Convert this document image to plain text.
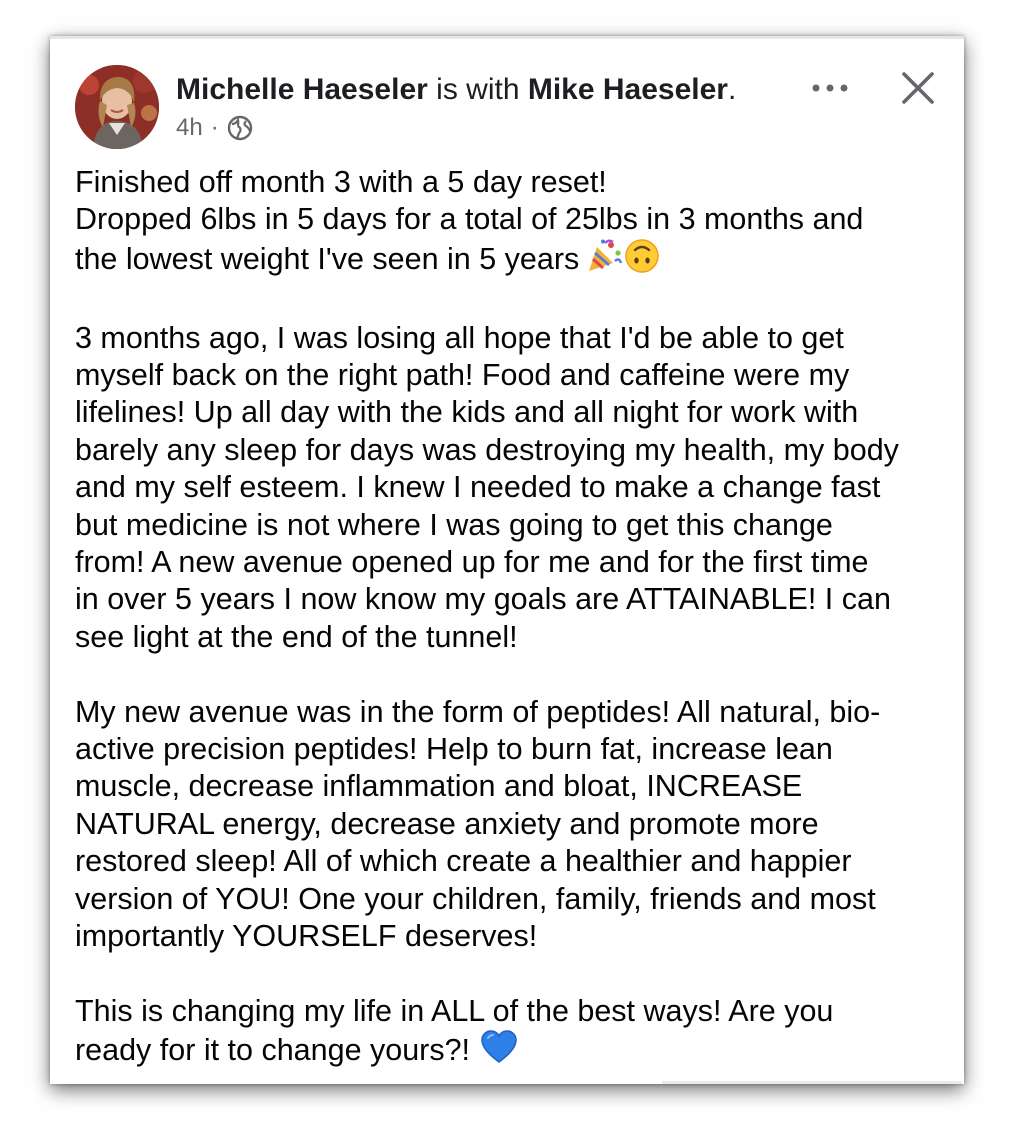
Michelle Haeseler is with Mike Haeseler.
4h ·
Finished off month 3 with a 5 day reset!
Dropped 6lbs in 5 days for a total of 25lbs in 3 months and
the lowest weight I've seen in 5 years
3 months ago, I was losing all hope that I'd be able to get
myself back on the right path! Food and caffeine were my
lifelines! Up all day with the kids and all night for work with
barely any sleep for days was destroying my health, my body
and my self esteem. I knew I needed to make a change fast
but medicine is not where I was going to get this change
from! A new avenue opened up for me and for the first time
in over 5 years I now know my goals are ATTAINABLE! I can
see light at the end of the tunnel!
My new avenue was in the form of peptides! All natural, bio-
active precision peptides! Help to burn fat, increase lean
muscle, decrease inflammation and bloat, INCREASE
NATURAL energy, decrease anxiety and promote more
restored sleep! All of which create a healthier and happier
version of YOU! One your children, family, friends and most
importantly YOURSELF deserves!
This is changing my life in ALL of the best ways! Are you
ready for it to change yours?!
